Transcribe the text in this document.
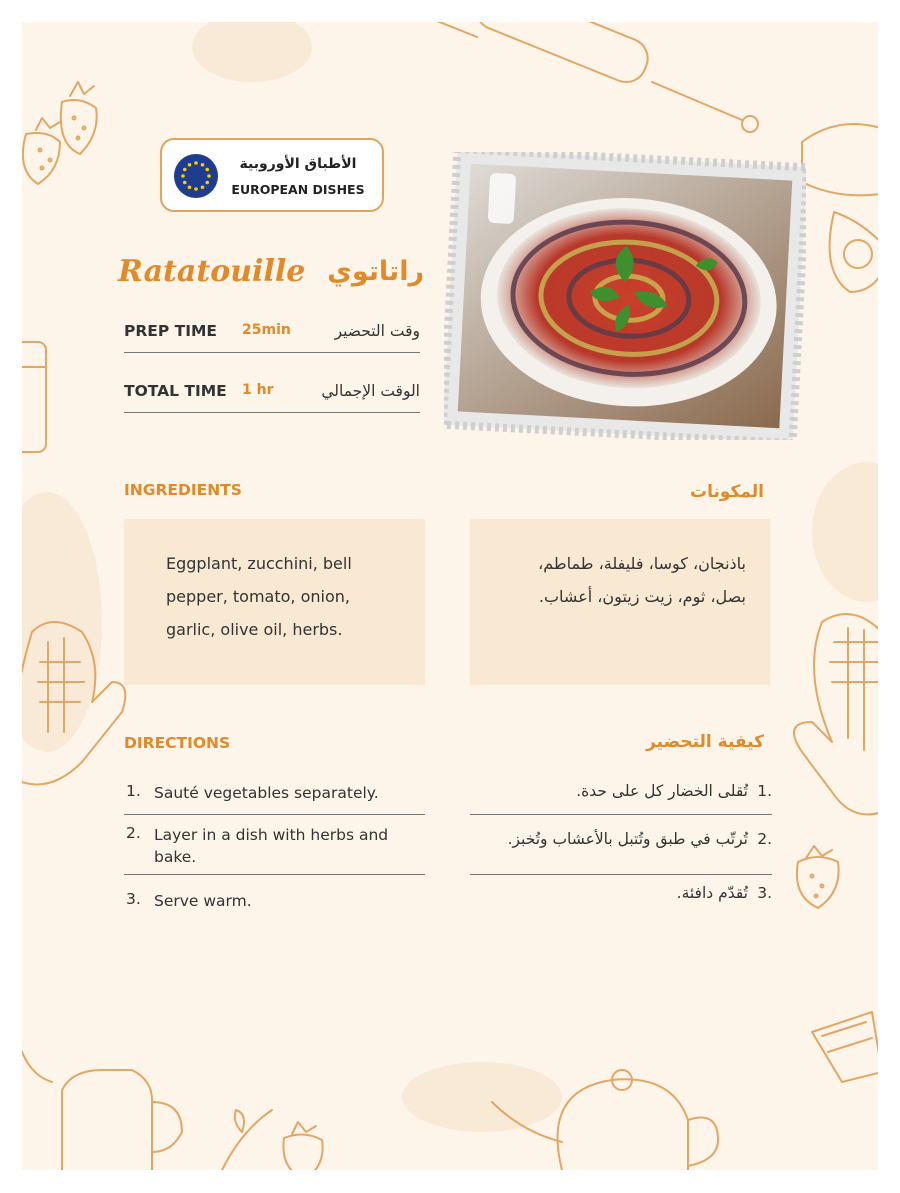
الأطباق الأوروبية
EUROPEAN DISHES
Ratatouille راتاتوي
PREP TIME 25min	وقت التحضير
TOTAL TIME 1 hr	الوقت الإجمالي
INGREDIENTS	المكونات

Eggplant, zucchini, bell pepper, tomato, onion, garlic, olive oil, herbs.

باذنجان، كوسا، فليفلة، طماطم، بصل، ثوم، زيت زيتون، أعشاب.

DIRECTIONS	كيفية التحضير
1. Sauté vegetables separately.
2. Layer in a dish with herbs and bake.
3. Serve warm.
.1
تُقلى الخضار كل على حدة.
.2
تُرتّب في طبق وتُتبل بالأعشاب وتُخبز.
.3
تُقدّم دافئة.
